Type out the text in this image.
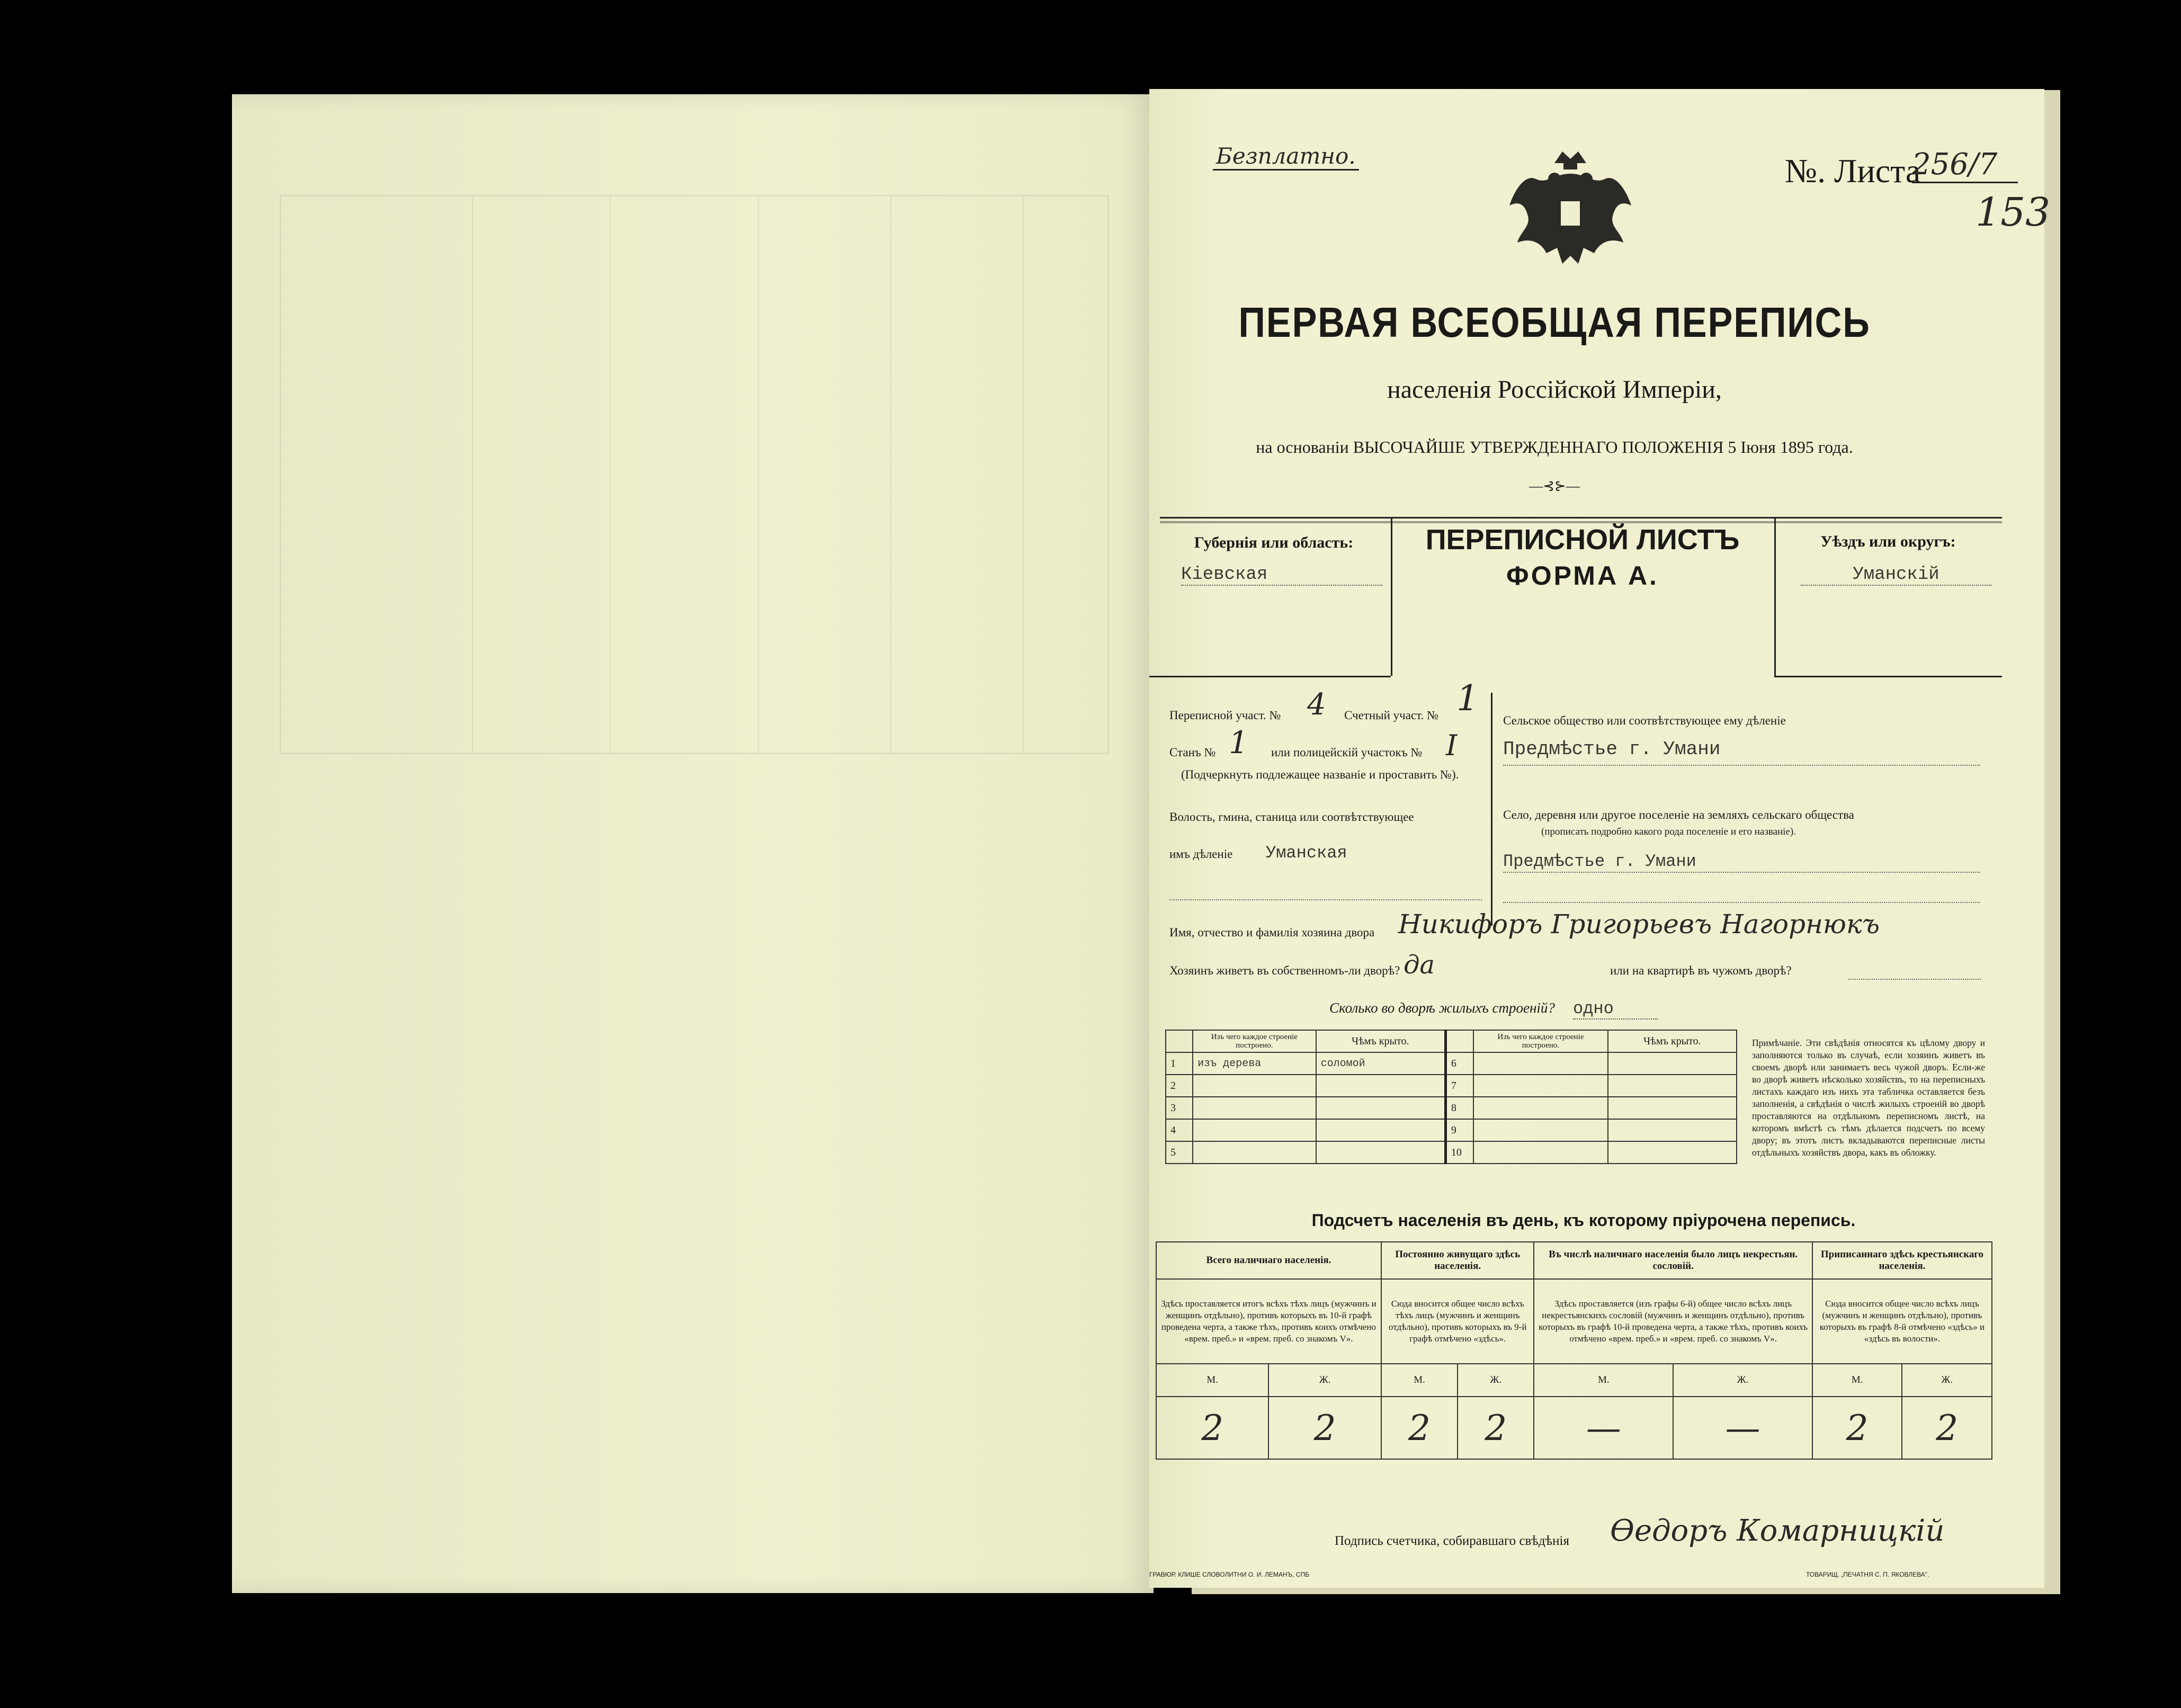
Безплатно.	№. Листа
256/7
153
ПЕРВАЯ ВСЕОБЩАЯ ПЕРЕПИСЬ
населенія Россійской Имперіи,
на основаніи ВЫСОЧАЙШЕ УТВЕРЖДЕННАГО ПОЛОЖЕНІЯ 5 Іюня 1895 года.
—⊰⊱—
Губернія или область:
Кіевская
ПЕРЕПИСНОЙ ЛИСТЪ
ФОРМА А.
Уѣздъ или округъ:
Уманскій
Переписной участ. № 4 Счетный участ. № 1
Станъ № 1 или полицейскій участокъ № I
(Подчеркнуть подлежащее названіе и проставить №).
Волость, гмина, станица или соотвѣтствующее
имъ дѣленіе Уманская
Сельское общество или соотвѣтствующее ему дѣленіе
Предмѣстье г. Умани
Село, деревня или другое поселеніе на земляхъ сельскаго общества
(прописать подробно какого рода поселеніе и его названіе).
Предмѣстье г. Умани
Имя, отчество и фамилія хозяина двора Никифоръ Григорьевъ Нагорнюкъ
Хозяинъ живетъ въ собственномъ-ли дворѣ? да	или на квартирѣ въ чужомъ дворѣ?
Сколько во дворѣ жилыхъ строеній? одно
	Изъ чего каждое строеніе построено.	Чѣмъ крыто.		Изъ чего каждое строеніе построено.	Чѣмъ крыто.
1	изъ дерева	соломой	6		
2			7		
3			8		
4			9		
5			10		
Примѣчаніе. Эти свѣдѣнія относятся къ цѣлому двору и заполняются только въ случаѣ, если хозяинъ живетъ въ своемъ дворѣ или занимаетъ весь чужой дворъ. Если-же во дворѣ живетъ нѣсколько хозяйствъ, то на переписныхъ листахъ каждаго изъ нихъ эта табличка оставляется безъ заполненія, а свѣдѣнія о числѣ жилыхъ строеній во дворѣ проставляются на отдѣльномъ переписномъ листѣ, на которомъ вмѣстѣ съ тѣмъ дѣлается подсчетъ по всему двору; въ этотъ листъ вкладываются переписные листы отдѣльныхъ хозяйствъ двора, какъ въ обложку.
Подсчетъ населенія въ день, къ которому пріурочена перепись.
Всего наличнаго населенія.		Постоянно живущаго здѣсь населенія.		Въ числѣ наличнаго населенія было лицъ некрестьян. сословій.		Приписаннаго здѣсь крестьянскаго населенія.	
Здѣсь проставляется итогъ всѣхъ тѣхъ лицъ (мужчинъ и женщинъ отдѣльно), противъ которыхъ въ 10-й графѣ проведена черта, а также тѣхъ, противъ коихъ отмѣчено «врем. преб.» и «врем. преб. со знакомъ V».		Сюда вносится общее число всѣхъ тѣхъ лицъ (мужчинъ и женщинъ отдѣльно), противъ которыхъ въ 9-й графѣ отмѣчено «здѣсь».		Здѣсь проставляется (изъ графы 6-й) общее число всѣхъ лицъ некрестьянскихъ сословій (мужчинъ и женщинъ отдѣльно), противъ которыхъ въ графѣ 10-й проведена черта, а также тѣхъ, противъ коихъ отмѣчено «врем. преб.» и «врем. преб. со знакомъ V».		Сюда вносится общее число всѣхъ лицъ (мужчинъ и женщинъ отдѣльно), противъ которыхъ въ графѣ 8-й отмѣчено «здѣсь» и «здѣсь въ волости».	
М.	Ж.	М.	Ж.	М.	Ж.	М.	Ж.
2	2	2	2	—	—	2	2
Подпись счетчика, собиравшаго свѣдѣнія Ѳедоръ Комарницкій
ГРАВЮР. КЛИШЕ СЛОВОЛИТНИ О. И. ЛЕМАНЪ, СПБ	ТОВАРИЩ. „ПЕЧАТНЯ С. П. ЯКОВЛЕВА".
